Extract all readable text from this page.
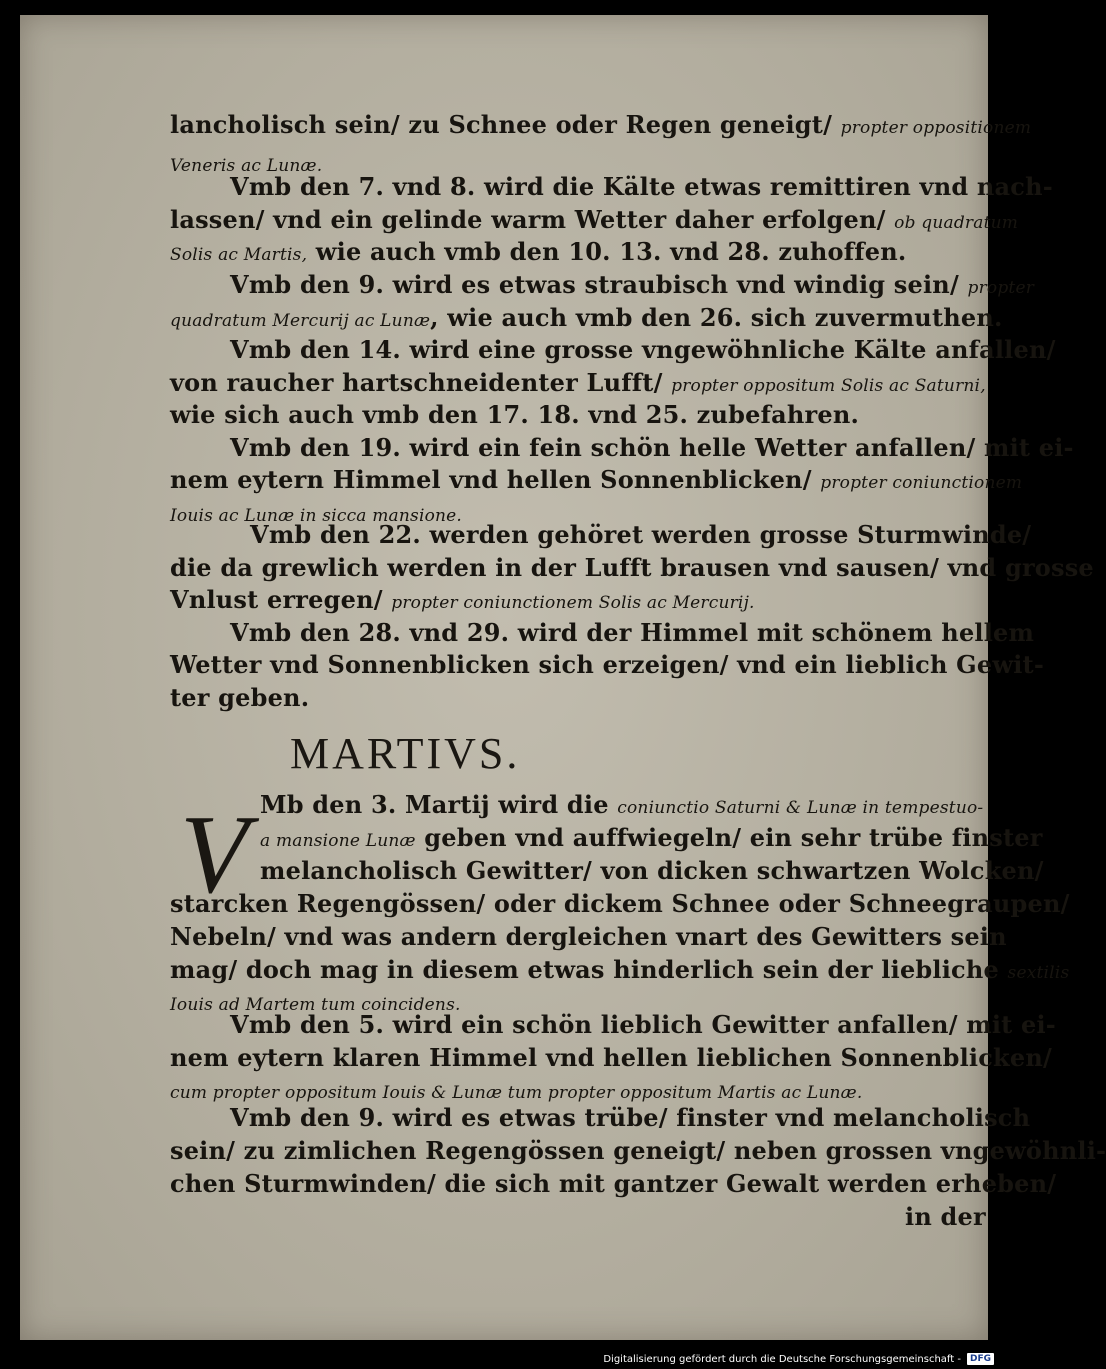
lancholisch sein/ zu Schnee oder Regen geneigt/ propter oppositionem
Veneris ac Lunæ.
Vmb den 7. vnd 8. wird die Kälte etwas remittiren vnd nach-
lassen/ vnd ein gelinde warm Wetter daher erfolgen/ ob quadratum
Solis ac Martis, wie auch vmb den 10. 13. vnd 28. zuhoffen.
Vmb den 9. wird es etwas straubisch vnd windig sein/ propter
quadratum Mercurij ac Lunæ, wie auch vmb den 26. sich zuvermuthen.
Vmb den 14. wird eine grosse vngewöhnliche Kälte anfallen/
von raucher hartschneidenter Lufft/ propter oppositum Solis ac Saturni,
wie sich auch vmb den 17. 18. vnd 25. zubefahren.
Vmb den 19. wird ein fein schön helle Wetter anfallen/ mit ei-
nem eytern Himmel vnd hellen Sonnenblicken/ propter coniunctionem
Iouis ac Lunæ in sicca mansione.
Vmb den 22. werden gehöret werden grosse Sturmwinde/
die da grewlich werden in der Lufft brausen vnd sausen/ vnd grosse
Vnlust erregen/ propter coniunctionem Solis ac Mercurij.
Vmb den 28. vnd 29. wird der Himmel mit schönem hellem
Wetter vnd Sonnenblicken sich erzeigen/ vnd ein lieblich Gewit-
ter geben.
MARTIVS.
V Mb den 3. Martij wird die coniunctio Saturni & Lunæ in tempestuo-
a mansione Lunæ geben vnd auffwiegeln/ ein sehr trübe finster
melancholisch Gewitter/ von dicken schwartzen Wolcken/
starcken Regengössen/ oder dickem Schnee oder Schneegraupen/
Nebeln/ vnd was andern dergleichen vnart des Gewitters sein
mag/ doch mag in diesem etwas hinderlich sein der liebliche sextilis
Iouis ad Martem tum coincidens.
Vmb den 5. wird ein schön lieblich Gewitter anfallen/ mit ei-
nem eytern klaren Himmel vnd hellen lieblichen Sonnenblicken/
cum propter oppositum Iouis & Lunæ tum propter oppositum Martis ac Lunæ.
Vmb den 9. wird es etwas trübe/ finster vnd melancholisch
sein/ zu zimlichen Regengössen geneigt/ neben grossen vngewöhnli-
chen Sturmwinden/ die sich mit gantzer Gewalt werden erheben/
in der
Digitalisierung gefördert durch die Deutsche Forschungsgemeinschaft -	DFG
